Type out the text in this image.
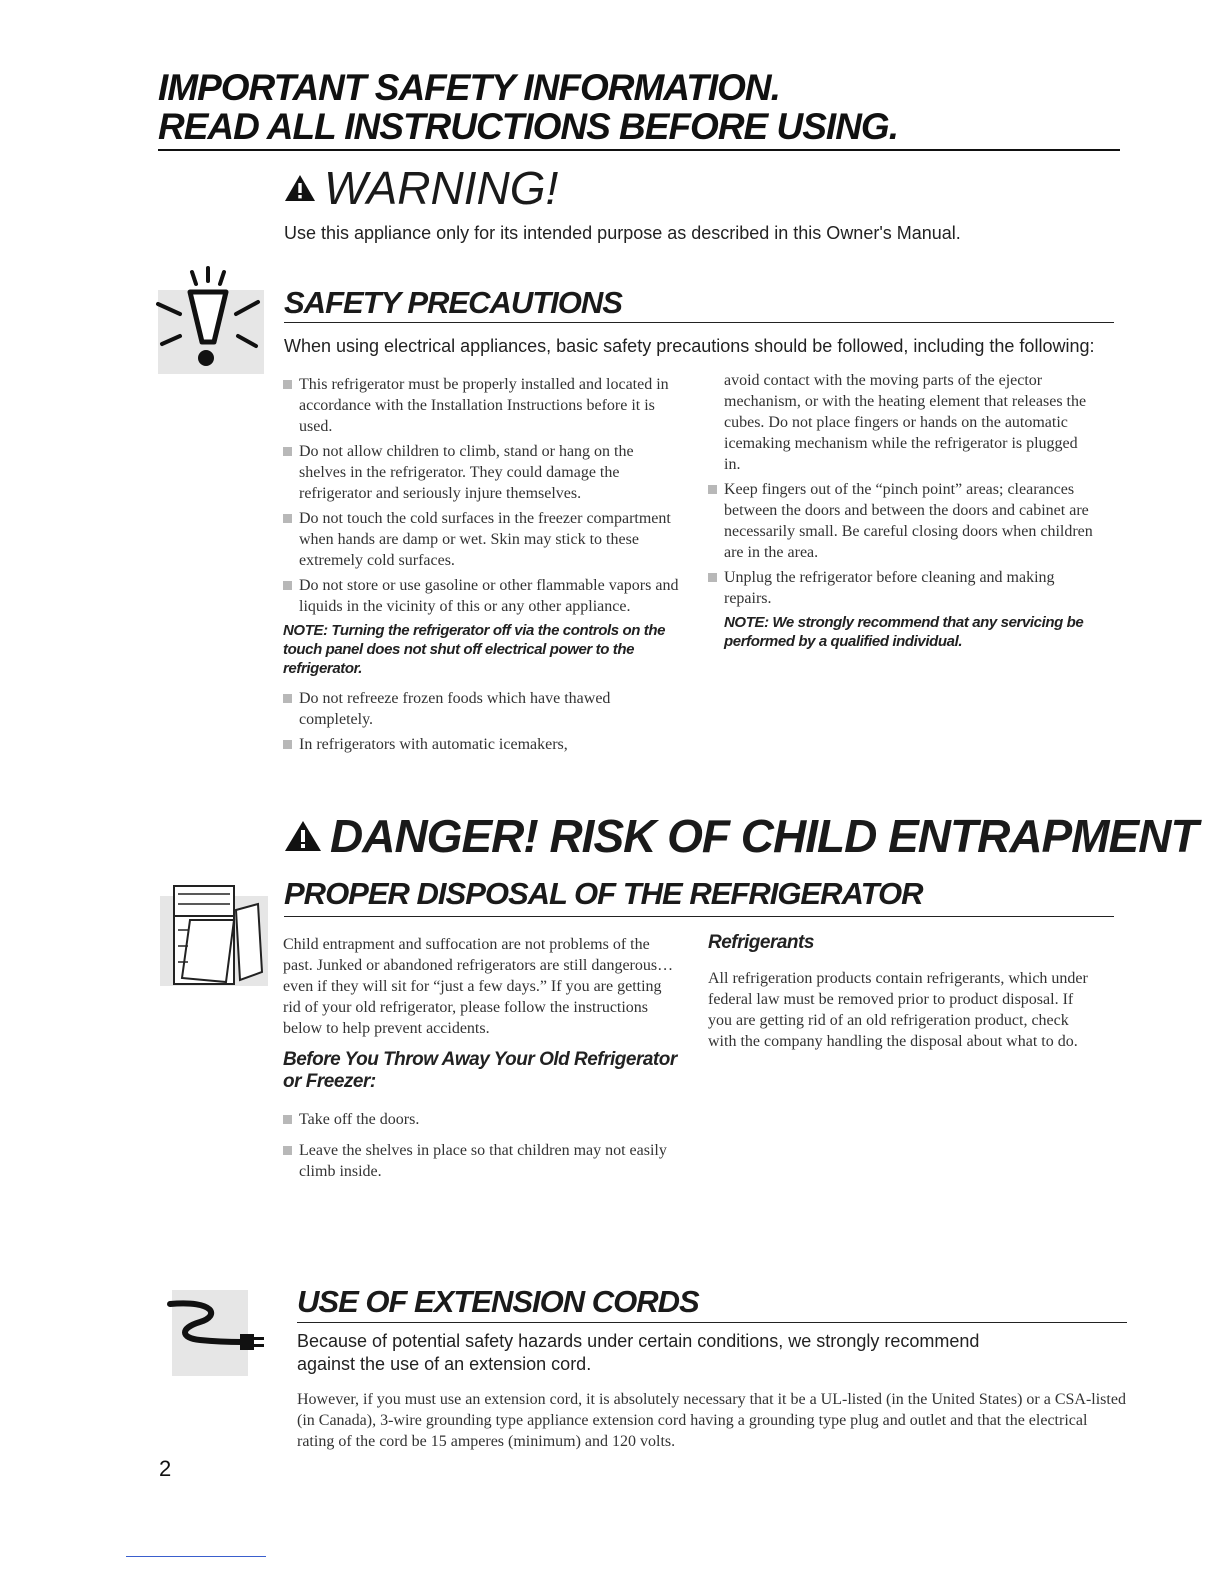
IMPORTANT SAFETY INFORMATION.
READ ALL INSTRUCTIONS BEFORE USING.
WARNING!
Use this appliance only for its intended purpose as described in this Owner's Manual.
SAFETY PRECAUTIONS
When using electrical appliances, basic safety precautions should be followed, including the following:
This refrigerator must be properly installed and located in accordance with the Installation Instructions before it is used.
Do not allow children to climb, stand or hang on the shelves in the refrigerator. They could damage the refrigerator and seriously injure themselves.
Do not touch the cold surfaces in the freezer compartment when hands are damp or wet. Skin may stick to these extremely cold surfaces.
Do not store or use gasoline or other flammable vapors and liquids in the vicinity of this or any other appliance.
NOTE: Turning the refrigerator off via the controls on the touch panel does not shut off electrical power to the refrigerator.
Do not refreeze frozen foods which have thawed completely.
In refrigerators with automatic icemakers,
avoid contact with the moving parts of the ejector mechanism, or with the heating element that releases the cubes. Do not place fingers or hands on the automatic icemaking mechanism while the refrigerator is plugged in.
Keep fingers out of the “pinch point” areas; clearances between the doors and between the doors and cabinet are necessarily small. Be careful closing doors when children are in the area.
Unplug the refrigerator before cleaning and making repairs.
NOTE: We strongly recommend that any servicing be performed by a qualified individual.
DANGER! RISK OF CHILD ENTRAPMENT
PROPER DISPOSAL OF THE REFRIGERATOR
Child entrapment and suffocation are not problems of the past. Junked or abandoned refrigerators are still dangerous…even if they will sit for “just a few days.” If you are getting rid of your old refrigerator, please follow the instructions below to help prevent accidents.
Before You Throw Away Your Old Refrigerator or Freezer:
Take off the doors.
Leave the shelves in place so that children may not easily climb inside.
Refrigerants
All refrigeration products contain refrigerants, which under federal law must be removed prior to product disposal. If you are getting rid of an old refrigeration product, check with the company handling the disposal about what to do.
USE OF EXTENSION CORDS
Because of potential safety hazards under certain conditions, we strongly recommend against the use of an extension cord.
However, if you must use an extension cord, it is absolutely necessary that it be a UL-listed (in the United States) or a CSA-listed (in Canada), 3-wire grounding type appliance extension cord having a grounding type plug and outlet and that the electrical rating of the cord be 15 amperes (minimum) and 120 volts.
2
